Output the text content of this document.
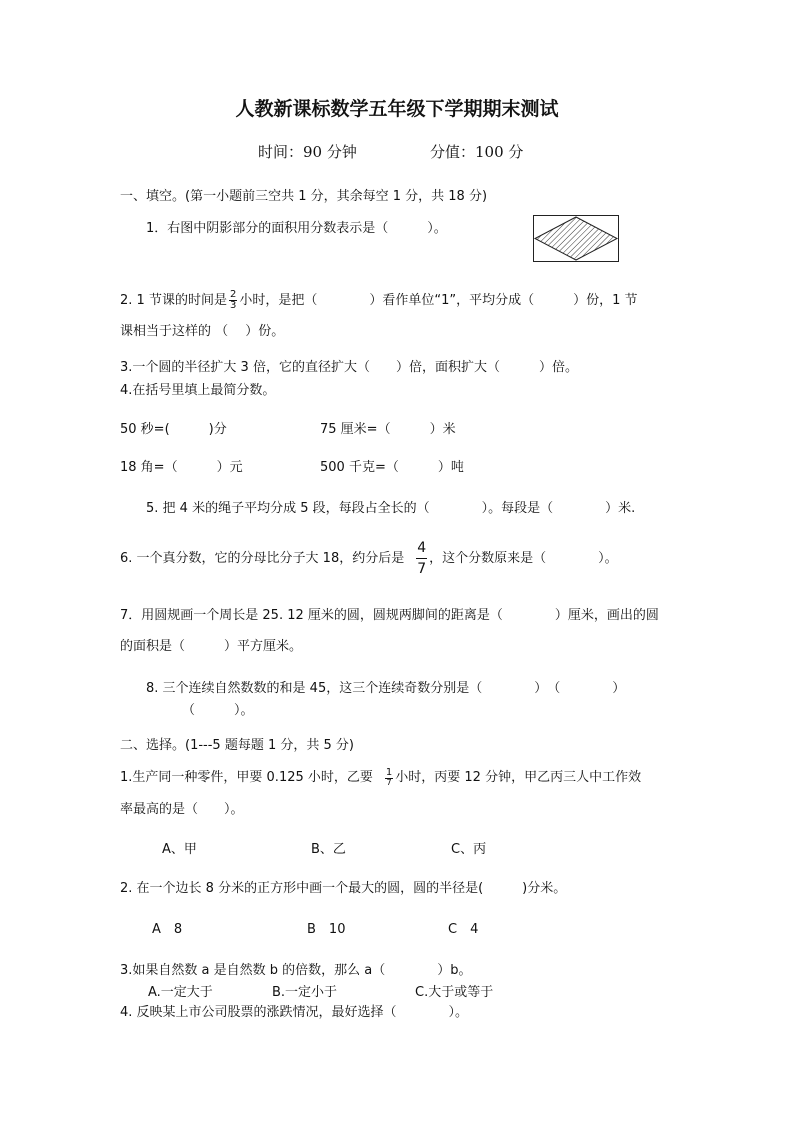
人教新课标数学五年级下学期期末测试
时间：90 分钟	分值：100 分
一、填空。(第一小题前三空共 1 分，其余每空 1 分，共 18 分)
1．右图中阴影部分的面积用分数表示是（　　　）。
2. 1 节课的时间是 $\frac{2}{3}$ 小时，是把（　　　　）看作单位“1”，平均分成（　　　）份，1 节
课相当于这样的 （　 ）份。
3.一个圆的半径扩大 3 倍，它的直径扩大（　　）倍，面积扩大（　　　）倍。
4.在括号里填上最简分数。
50 秒=(　　　)分	75 厘米=（　　　）米
18 角=（　　　）元	500 千克=（　　　）吨
5. 把 4 米的绳子平均分成 5 段，每段占全长的（　　　　）。每段是（　　　　）米.
6. 一个真分数，它的分母比分子大 18，约分后是 $\frac{4}{7}$ ，这个分数原来是（　　　　）。
7．用圆规画一个周长是 25. 12 厘米的圆，圆规两脚间的距离是（　　　　）厘米，画出的圆
的面积是（　　　）平方厘米。
8. 三个连续自然数数的和是 45，这三个连续奇数分别是（　　　　）　（　　　　）
（　　　）。
二、选择。(1---5 题每题 1 分，共 5 分)
1.生产同一种零件，甲要 0.125 小时，乙要 $\frac{1}{7}$ 小时，丙要 12 分钟，甲乙丙三人中工作效
率最高的是（　　）。
A、甲	B、乙	C、丙
2. 在一个边长 8 分米的正方形中画一个最大的圆，圆的半径是(　　　)分米。
A　8	B　10	C　4
3.如果自然数 a 是自然数 b 的倍数，那么 a（　　　　）b。
A.一定大于	B.一定小于	C.大于或等于
4. 反映某上市公司股票的涨跌情况，最好选择（　　　　）。
